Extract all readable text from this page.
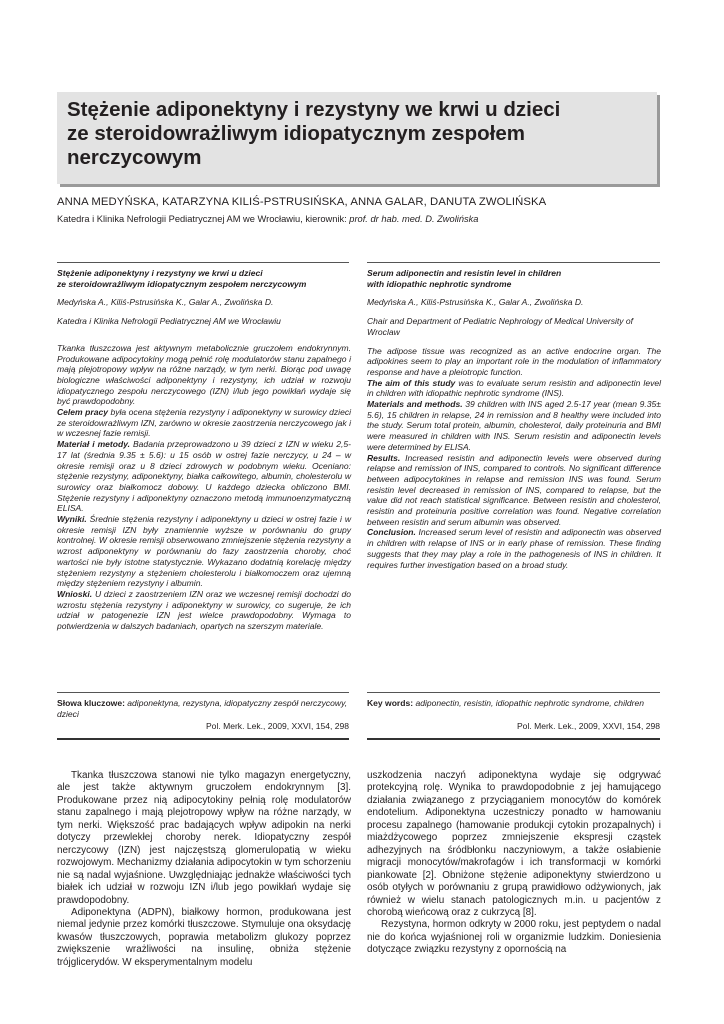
Stężenie adiponektyny i rezystyny we krwi u dzieci
ze steroidowrażliwym idiopatycznym zespołem
nerczycowym
ANNA MEDYŃSKA, KATARZYNA KILIŚ-PSTRUSIŃSKA, ANNA GALAR, DANUTA ZWOLIŃSKA
Katedra i Klinika Nefrologii Pediatrycznej AM we Wrocławiu, kierownik: prof. dr hab. med. D. Zwolińska

Stężenie adiponektyny i rezystyny we krwi u dzieci
ze steroidowrażliwym idiopatycznym zespołem nerczycowym

Medyńska A., Kiliś-Pstrusińska K., Galar A., Zwolińska D.

Katedra i Klinika Nefrologii Pediatrycznej AM we Wrocławiu

Tkanka tłuszczowa jest aktywnym metabolicznie gruczołem endokrynnym. Produkowane adipocytokiny mogą pełnić rolę modulatorów stanu zapalnego i mają plejotropowy wpływ na różne narządy, w tym nerki. Biorąc pod uwagę biologiczne właściwości adiponektyny i rezystyny, ich udział w rozwoju idiopatycznego zespołu nerczycowego (IZN) i/lub jego powikłań wydaje się być prawdopodobny.
Celem pracy była ocena stężenia rezystyny i adiponektyny w surowicy dzieci ze steroidowrażliwym IZN, zarówno w okresie zaostrzenia nerczycowego jak i w wczesnej fazie remisji.
Materiał i metody. Badania przeprowadzono u 39 dzieci z IZN w wieku 2,5-17 lat (średnia 9.35 ± 5.6): u 15 osób w ostrej fazie nerczycy, u 24 – w okresie remisji oraz u 8 dzieci zdrowych w podobnym wieku. Oceniano: stężenie rezystyny, adiponektyny, białka całkowitego, albumin, cholesterolu w surowicy oraz białkomocz dobowy. U każdego dziecka obliczono BMI. Stężenie rezystyny i adiponektyny oznaczono metodą immunoenzymatyczną ELISA.
Wyniki. Średnie stężenia rezystyny i adiponektyny u dzieci w ostrej fazie i w okresie remisji IZN były znamiennie wyższe w porównaniu do grupy kontrolnej. W okresie remisji obserwowano zmniejszenie stężenia rezystyny a wzrost adiponektyny w porównaniu do fazy zaostrzenia choroby, choć wartości nie były istotne statystycznie. Wykazano dodatnią korelację między stężeniem rezystyny a stężeniem cholesterolu i białkomoczem oraz ujemną między stężeniem rezystyny i albumin.
Wnioski. U dzieci z zaostrzeniem IZN oraz we wczesnej remisji dochodzi do wzrostu stężenia rezystyny i adiponektyny w surowicy, co sugeruje, że ich udział w patogenezie IZN jest wielce prawdopodobny. Wymaga to potwierdzenia w dalszych badaniach, opartych na szerszym materiale.

Serum adiponectin and resistin level in children
with idiopathic nephrotic syndrome

Medyńska A., Kiliś-Pstrusińska K., Galar A., Zwolińska D.

Chair and Department of Pediatric Nephrology of Medical University of Wroclaw

The adipose tissue was recognized as an active endocrine organ. The adipokines seem to play an important role in the modulation of inflammatory response and have a pleiotropic function.
The aim of this study was to evaluate serum resistin and adiponectin level in children with idiopathic nephrotic syndrome (INS).
Materials and methods. 39 children with INS aged 2.5-17 year (mean 9.35± 5.6), 15 children in relapse, 24 in remission and 8 healthy were included into the study. Serum total protein, albumin, cholesterol, daily proteinuria and BMI were measured in children with INS. Serum resistin and adiponectin levels were determined by ELISA.
Results. Increased resistin and adiponectin levels were observed during relapse and remission of INS, compared to controls. No significant difference between adipocytokines in relapse and remission INS was found. Serum resistin level decreased in remission of INS, compared to relapse, but the value did not reach statistical significance. Between resistin and cholesterol, resistin and proteinuria positive correlation was found. Negative correlation between resistin and serum albumin was observed.
Conclusion. Increased serum level of resistin and adiponectin was observed in children with relapse of INS or in early phase of remission. These finding suggests that they may play a role in the pathogenesis of INS in children. It requires further investigation based on a broad study.

Słowa kluczowe: adiponektyna, rezystyna, idiopatyczny zespół nerczycowy, dzieci
Key words: adiponectin, resistin, idiopathic nephrotic syndrome, children
Pol. Merk. Lek., 2009, XXVI, 154, 298	Pol. Merk. Lek., 2009, XXVI, 154, 298

Tkanka tłuszczowa stanowi nie tylko magazyn energetyczny, ale jest także aktywnym gruczołem endokrynnym [3]. Produkowane przez nią adipocytokiny pełnią rolę modulatorów stanu zapalnego i mają plejotropowy wpływ na różne narządy, w tym nerki. Większość prac badających wpływ adipokin na nerki dotyczy przewlekłej choroby nerek. Idiopatyczny zespół nerczycowy (IZN) jest najczęstszą glomerulopatią w wieku rozwojowym. Mechanizmy działania adipocytokin w tym schorzeniu nie są nadal wyjaśnione. Uwzględniając jednakże właściwości tych białek ich udział w rozwoju IZN i/lub jego powikłań wydaje się prawdopodobny.

Adiponektyna (ADPN), białkowy hormon, produkowana jest niemal jedynie przez komórki tłuszczowe. Stymuluje ona oksydację kwasów tłuszczowych, poprawia metabolizm glukozy poprzez zwiększenie wrażliwości na insulinę, obniża stężenie trójglicerydów. W eksperymentalnym modelu

uszkodzenia naczyń adiponektyna wydaje się odgrywać protekcyjną rolę. Wynika to prawdopodobnie z jej hamującego działania związanego z przyciąganiem monocytów do komórek endotelium. Adiponektyna uczestniczy ponadto w hamowaniu procesu zapalnego (hamowanie produkcji cytokin prozapalnych) i miażdżycowego poprzez zmniejszenie ekspresji cząstek adhezyjnych na śródbłonku naczyniowym, a także osłabienie migracji monocytów/makrofagów i ich transformacji w komórki piankowate [2]. Obniżone stężenie adiponektyny stwierdzono u osób otyłych w porównaniu z grupą prawidłowo odżywionych, jak również w wielu stanach patologicznych m.in. u pacjentów z chorobą wieńcową oraz z cukrzycą [8].

Rezystyna, hormon odkryty w 2000 roku, jest peptydem o nadal nie do końca wyjaśnionej roli w organizmie ludzkim. Doniesienia dotyczące związku rezystyny z opornością na
